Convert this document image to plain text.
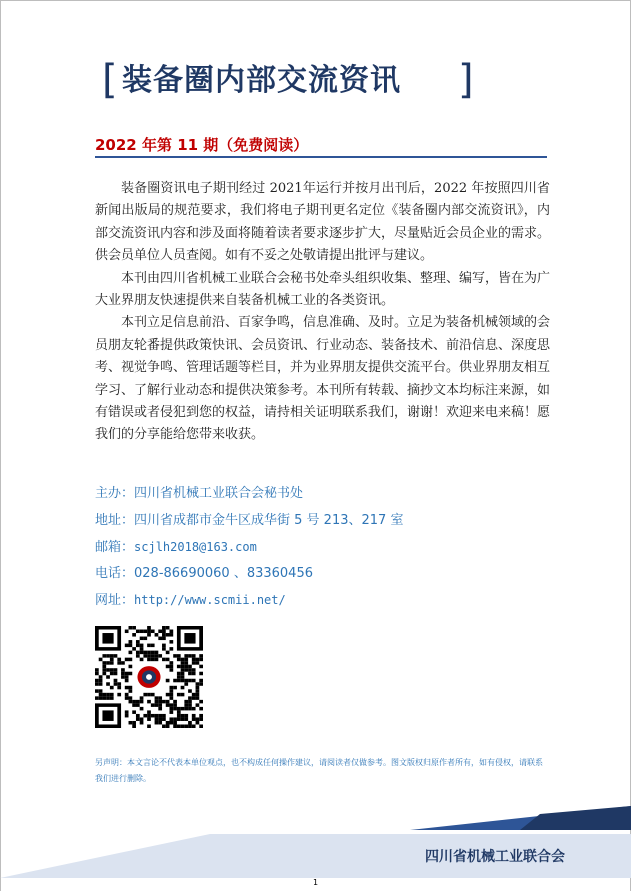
[ 装备圈内部交流资讯 ]
2022 年第 11 期（免费阅读）

装备圈资讯电子期刊经过 2021年运行并按月出刊后，2022 年按照四川省新闻出版局的规范要求，我们将电子期刊更名定位《装备圈内部交流资讯》，内部交流资讯内容和涉及面将随着读者要求逐步扩大，尽量贴近会员企业的需求。供会员单位人员查阅。如有不妥之处敬请提出批评与建议。

本刊由四川省机械工业联合会秘书处牵头组织收集、整理、编写，皆在为广大业界朋友快速提供来自装备机械工业的各类资讯。

本刊立足信息前沿、百家争鸣，信息准确、及时。立足为装备机械领域的会员朋友轮番提供政策快讯、会员资讯、行业动态、装备技术、前沿信息、深度思考、视觉争鸣、管理话题等栏目，并为业界朋友提供交流平台。供业界朋友相互学习、了解行业动态和提供决策参考。本刊所有转载、摘抄文本均标注来源，如有错误或者侵犯到您的权益，请持相关证明联系我们，谢谢！欢迎来电来稿！愿我们的分享能给您带来收获。

主办：四川省机械工业联合会秘书处
地址：四川省成都市金牛区成华街 5 号 213、217 室
邮箱：scjlh2018@163.com
电话：028-86690060 、83360456
网址：http://www.scmii.net/
另声明：本文言论不代表本单位观点，也不构成任何操作建议，请阅读者仅做参考。图文版权归原作者所有，如有侵权，请联系我们进行删除。
四川省机械工业联合会
1
